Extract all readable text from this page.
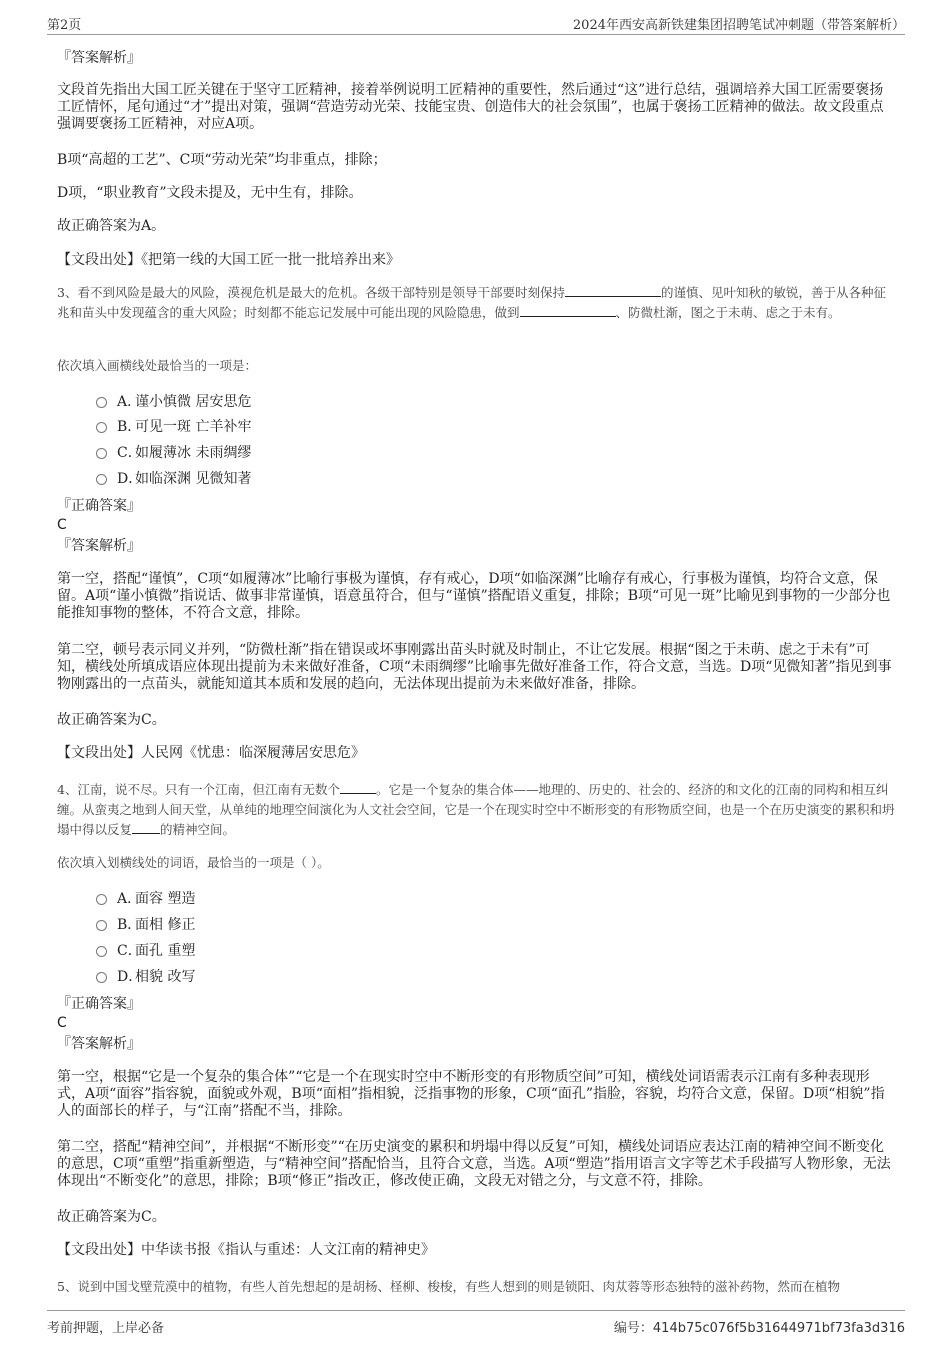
第2页	2024年西安高新铁建集团招聘笔试冲刺题（带答案解析）

『答案解析』

文段首先指出大国工匠关键在于坚守工匠精神，接着举例说明工匠精神的重要性，然后通过“这”进行总结，强调培养大国工匠需要褒扬工匠情怀，尾句通过“才”提出对策，强调“营造劳动光荣、技能宝贵、创造伟大的社会氛围”，也属于褒扬工匠精神的做法。故文段重点强调要褒扬工匠精神，对应A项。

B项“高超的工艺”、C项“劳动光荣”均非重点，排除；

D项，“职业教育”文段未提及，无中生有，排除。

故正确答案为A。

【文段出处】《把第一线的大国工匠一批一批培养出来》

3、看不到风险是最大的风险，漠视危机是最大的危机。各级干部特别是领导干部要时刻保持	的谨慎、见叶知秋的敏锐，善于从各种征兆和苗头中发现蕴含的重大风险；时刻都不能忘记发展中可能出现的风险隐患，做到	、防微杜渐，图之于未萌、虑之于未有。

依次填入画横线处最恰当的一项是：

A．谨小慎微 居安思危
B．可见一斑 亡羊补牢
C．如履薄冰 未雨绸缪
D．如临深渊 见微知著

『正确答案』

C

『答案解析』

第一空，搭配“谨慎”，C项“如履薄冰”比喻行事极为谨慎，存有戒心，D项“如临深渊”比喻存有戒心，行事极为谨慎，均符合文意，保留。A项“谨小慎微”指说话、做事非常谨慎，语意虽符合，但与“谨慎”搭配语义重复，排除；B项“可见一斑”比喻见到事物的一少部分也能推知事物的整体，不符合文意，排除。

第二空，顿号表示同义并列，“防微杜渐”指在错误或坏事刚露出苗头时就及时制止，不让它发展。根据“图之于未萌、虑之于未有”可知，横线处所填成语应体现出提前为未来做好准备，C项“未雨绸缪”比喻事先做好准备工作，符合文意，当选。D项“见微知著”指见到事物刚露出的一点苗头，就能知道其本质和发展的趋向，无法体现出提前为未来做好准备，排除。

故正确答案为C。

【文段出处】人民网《忧患：临深履薄居安思危》

4、江南，说不尽。只有一个江南，但江南有无数个	。它是一个复杂的集合体——地理的、历史的、社会的、经济的和文化的江南的同构和相互纠缠。从蛮夷之地到人间天堂，从单纯的地理空间演化为人文社会空间，它是一个在现实时空中不断形变的有形物质空间，也是一个在历史演变的累积和坍塌中得以反复 的精神空间。

依次填入划横线处的词语，最恰当的一项是（ ）。

A．面容 塑造
B．面相 修正
C．面孔 重塑
D．相貌 改写

『正确答案』

C

『答案解析』

第一空，根据“它是一个复杂的集合体”“它是一个在现实时空中不断形变的有形物质空间”可知，横线处词语需表示江南有多种表现形式，A项“面容”指容貌，面貌或外观，B项“面相”指相貌，泛指事物的形象，C项“面孔”指脸，容貌，均符合文意，保留。D项“相貌”指人的面部长的样子，与“江南”搭配不当，排除。

第二空，搭配“精神空间”，并根据“不断形变”“在历史演变的累积和坍塌中得以反复”可知，横线处词语应表达江南的精神空间不断变化的意思，C项“重塑”指重新塑造，与“精神空间”搭配恰当，且符合文意，当选。A项“塑造”指用语言文字等艺术手段描写人物形象，无法体现出“不断变化”的意思，排除；B项“修正”指改正，修改使正确，文段无对错之分，与文意不符，排除。

故正确答案为C。

【文段出处】中华读书报《指认与重述：人文江南的精神史》

5、说到中国戈壁荒漠中的植物，有些人首先想起的是胡杨、柽柳、梭梭，有些人想到的则是锁阳、肉苁蓉等形态独特的滋补药物，然而在植物

考前押题，上岸必备	编号：414b75c076f5b31644971bf73fa3d316
